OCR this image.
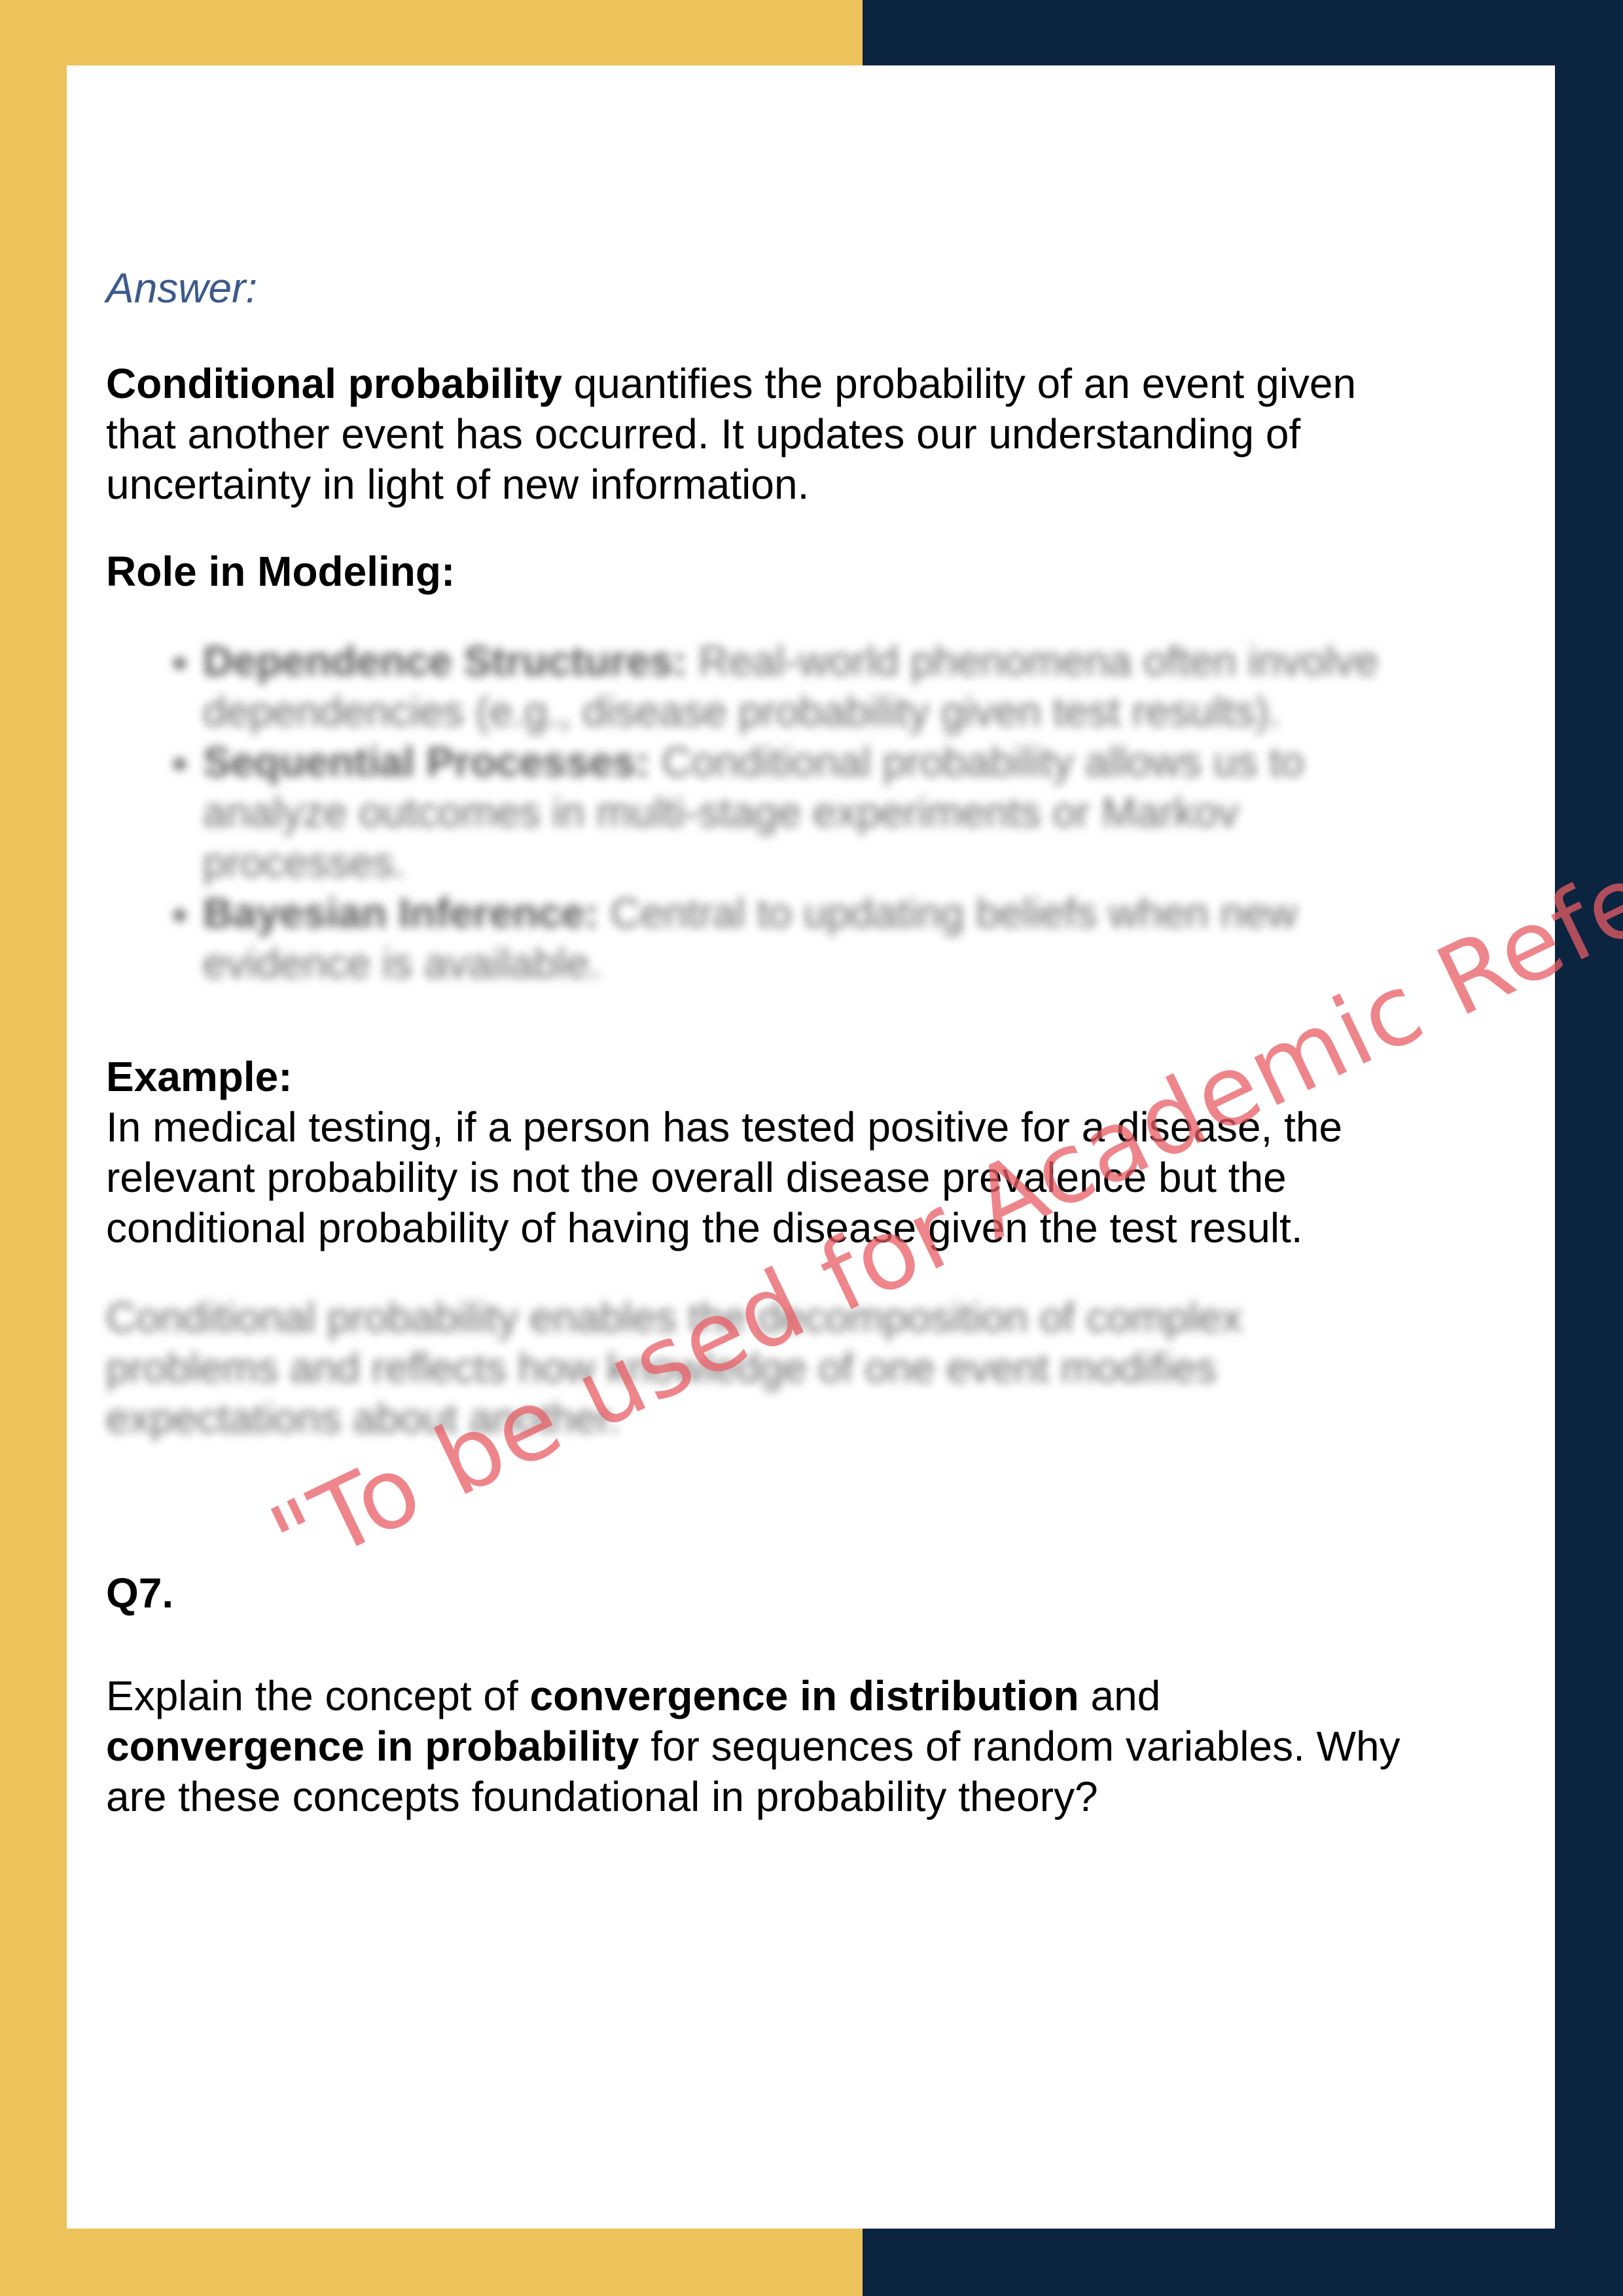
Answer:

Conditional probability quantifies the probability of an event given that another event has occurred. It updates our understanding of uncertainty in light of new information.

Role in Modeling:
• Dependence Structures: Real-world phenomena often involve dependencies (e.g., disease probability given test results).
• Sequential Processes: Conditional probability allows us to analyze outcomes in multi-stage experiments or Markov processes.
• Bayesian Inference: Central to updating beliefs when new evidence is available.
Example:

In medical testing, if a person has tested positive for a disease, the relevant probability is not the overall disease prevalence but the conditional probability of having the disease given the test result.

Conditional probability enables the decomposition of complex problems and reflects how knowledge of one event modifies expectations about another.

Q7.

Explain the concept of convergence in distribution and convergence in probability for sequences of random variables. Why are these concepts foundational in probability theory?

"To be used for Academic
